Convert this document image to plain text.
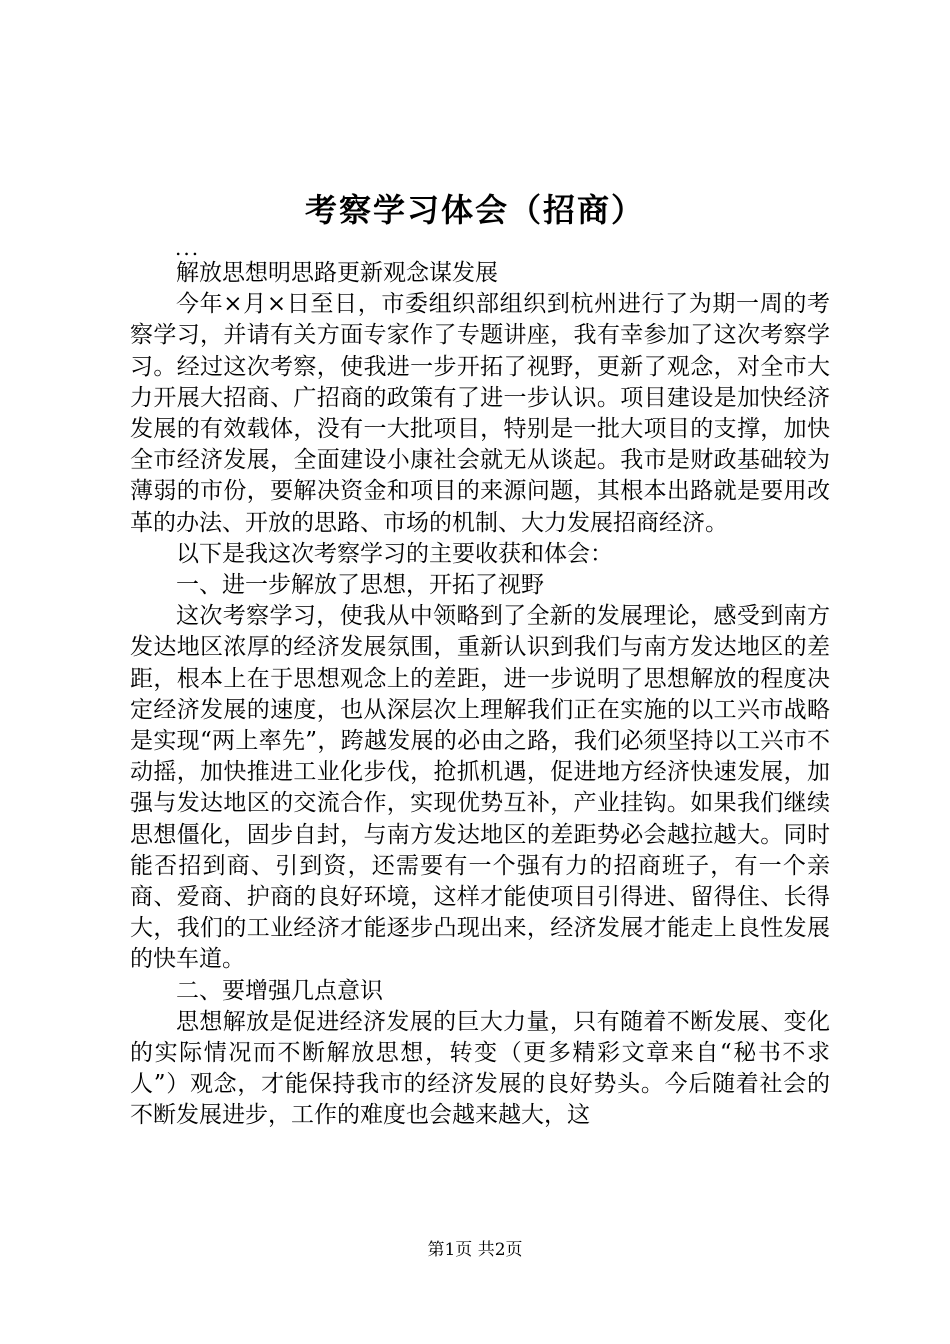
考察学习体会（招商）
...

解放思想明思路更新观念谋发展

今年×月×日至日，市委组织部组织到杭州进行了为期一周的考察学习，并请有关方面专家作了专题讲座，我有幸参加了这次考察学习。经过这次考察，使我进一步开拓了视野，更新了观念，对全市大力开展大招商、广招商的政策有了进一步认识。项目建设是加快经济发展的有效载体，没有一大批项目，特别是一批大项目的支撑，加快全市经济发展，全面建设小康社会就无从谈起。我市是财政基础较为薄弱的市份，要解决资金和项目的来源问题，其根本出路就是要用改革的办法、开放的思路、市场的机制、大力发展招商经济。

以下是我这次考察学习的主要收获和体会：

一、进一步解放了思想，开拓了视野

这次考察学习，使我从中领略到了全新的发展理论，感受到南方发达地区浓厚的经济发展氛围，重新认识到我们与南方发达地区的差距，根本上在于思想观念上的差距，进一步说明了思想解放的程度决定经济发展的速度，也从深层次上理解我们正在实施的以工兴市战略是实现“两上率先”，跨越发展的必由之路，我们必须坚持以工兴市不动摇，加快推进工业化步伐，抢抓机遇，促进地方经济快速发展，加强与发达地区的交流合作，实现优势互补，产业挂钩。如果我们继续思想僵化，固步自封，与南方发达地区的差距势必会越拉越大。同时能否招到商、引到资，还需要有一个强有力的招商班子，有一个亲商、爱商、护商的良好环境，这样才能使项目引得进、留得住、长得大，我们的工业经济才能逐步凸现出来，经济发展才能走上良性发展的快车道。

二、要增强几点意识

思想解放是促进经济发展的巨大力量，只有随着不断发展、变化的实际情况而不断解放思想，转变（更多精彩文章来自“秘书不求人”）观念，才能保持我市的经济发展的良好势头。今后随着社会的不断发展进步，工作的难度也会越来越大，这

第1页 共2页
